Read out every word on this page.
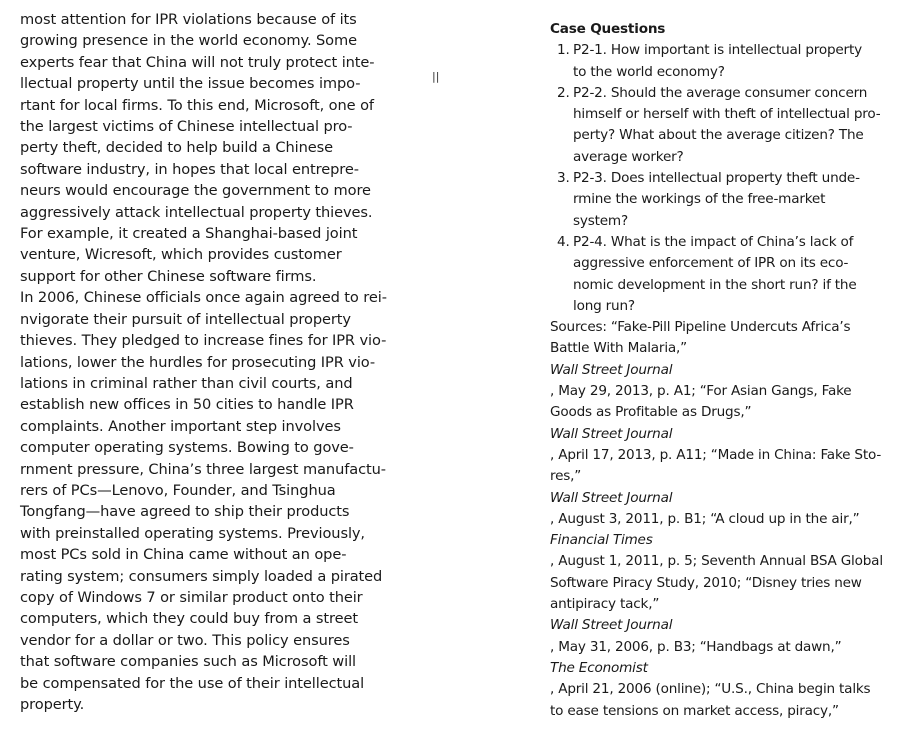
most attention for IPR violations because of its
growing presence in the world economy. Some
experts fear that China will not truly protect inte-
llectual property until the issue becomes impo-
rtant for local firms. To this end, Microsoft, one of
the largest victims of Chinese intellectual pro-
perty theft, decided to help build a Chinese
software industry, in hopes that local entrepre-
neurs would encourage the government to more
aggressively attack intellectual property thieves.
For example, it created a Shanghai-based joint
venture, Wicresoft, which provides customer
support for other Chinese software firms.
In 2006, Chinese officials once again agreed to rei-
nvigorate their pursuit of intellectual property
thieves. They pledged to increase fines for IPR vio-
lations, lower the hurdles for prosecuting IPR vio-
lations in criminal rather than civil courts, and
establish new offices in 50 cities to handle IPR
complaints. Another important step involves
computer operating systems. Bowing to gove-
rnment pressure, China’s three largest manufactu-
rers of PCs—Lenovo, Founder, and Tsinghua
Tongfang—have agreed to ship their products
with preinstalled operating systems. Previously,
most PCs sold in China came without an ope-
rating system; consumers simply loaded a pirated
copy of Windows 7 or similar product onto their
computers, which they could buy from a street
vendor for a dollar or two. This policy ensures
that software companies such as Microsoft will
be compensated for the use of their intellectual
property.
||
Case Questions
1. P2-1. How important is intellectual property
to the world economy?
2. P2-2. Should the average consumer concern
himself or herself with theft of intellectual pro-
perty? What about the average citizen? The
average worker?
3. P2-3. Does intellectual property theft unde-
rmine the workings of the free-market
system?
4. P2-4. What is the impact of China’s lack of
aggressive enforcement of IPR on its eco-
nomic development in the short run? if the
long run?
Sources: “Fake-Pill Pipeline Undercuts Africa’s
Battle With Malaria,”
Wall Street Journal
, May 29, 2013, p. A1; “For Asian Gangs, Fake
Goods as Profitable as Drugs,”
Wall Street Journal
, April 17, 2013, p. A11; “Made in China: Fake Sto-
res,”
Wall Street Journal
, August 3, 2011, p. B1; “A cloud up in the air,”
Financial Times
, August 1, 2011, p. 5; Seventh Annual BSA Global
Software Piracy Study, 2010; “Disney tries new
antipiracy tack,”
Wall Street Journal
, May 31, 2006, p. B3; “Handbags at dawn,”
The Economist
, April 21, 2006 (online); “U.S., China begin talks
to ease tensions on market access, piracy,”
